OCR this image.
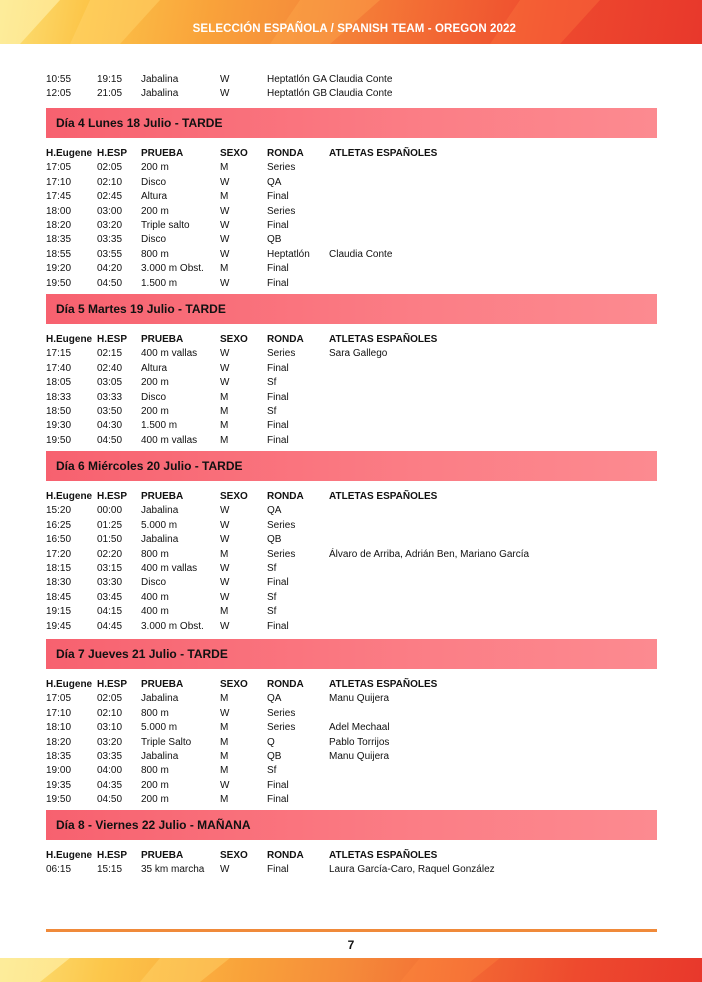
SELECCIÓN ESPAÑOLA / SPANISH TEAM - OREGON 2022
10:55	19:15	Jabalina	W	Heptatlón GA	Claudia Conte
12:05	21:05	Jabalina	W	Heptatlón GB	Claudia Conte
Día 4 Lunes 18 Julio - TARDE
H.Eugene	H.ESP	PRUEBA	SEXO	RONDA	ATLETAS ESPAÑOLES
17:05	02:05	200 m	M	Series	
17:10	02:10	Disco	W	QA	
17:45	02:45	Altura	M	Final	
18:00	03:00	200 m	W	Series	
18:20	03:20	Triple salto	W	Final	
18:35	03:35	Disco	W	QB	
18:55	03:55	800 m	W	Heptatlón	Claudia Conte
19:20	04:20	3.000 m Obst.	M	Final	
19:50	04:50	1.500 m	W	Final	
Día 5 Martes 19 Julio - TARDE
H.Eugene	H.ESP	PRUEBA	SEXO	RONDA	ATLETAS ESPAÑOLES
17:15	02:15	400 m vallas	W	Series	Sara Gallego
17:40	02:40	Altura	W	Final	
18:05	03:05	200 m	W	Sf	
18:33	03:33	Disco	M	Final	
18:50	03:50	200 m	M	Sf	
19:30	04:30	1.500 m	M	Final	
19:50	04:50	400 m vallas	M	Final	
Día 6 Miércoles 20 Julio - TARDE
H.Eugene	H.ESP	PRUEBA	SEXO	RONDA	ATLETAS ESPAÑOLES
15:20	00:00	Jabalina	W	QA	
16:25	01:25	5.000 m	W	Series	
16:50	01:50	Jabalina	W	QB	
17:20	02:20	800 m	M	Series	Álvaro de Arriba, Adrián Ben, Mariano García
18:15	03:15	400 m vallas	W	Sf	
18:30	03:30	Disco	W	Final	
18:45	03:45	400 m	W	Sf	
19:15	04:15	400 m	M	Sf	
19:45	04:45	3.000 m Obst.	W	Final	
Día 7 Jueves 21 Julio - TARDE
H.Eugene	H.ESP	PRUEBA	SEXO	RONDA	ATLETAS ESPAÑOLES
17:05	02:05	Jabalina	M	QA	Manu Quijera
17:10	02:10	800 m	W	Series	
18:10	03:10	5.000 m	M	Series	Adel Mechaal
18:20	03:20	Triple Salto	M	Q	Pablo Torrijos
18:35	03:35	Jabalina	M	QB	Manu Quijera
19:00	04:00	800 m	M	Sf	
19:35	04:35	200 m	W	Final	
19:50	04:50	200 m	M	Final	
Día 8 - Viernes 22 Julio - MAÑANA
H.Eugene	H.ESP	PRUEBA	SEXO	RONDA	ATLETAS ESPAÑOLES
06:15	15:15	35 km marcha	W	Final	Laura García-Caro, Raquel González
7
